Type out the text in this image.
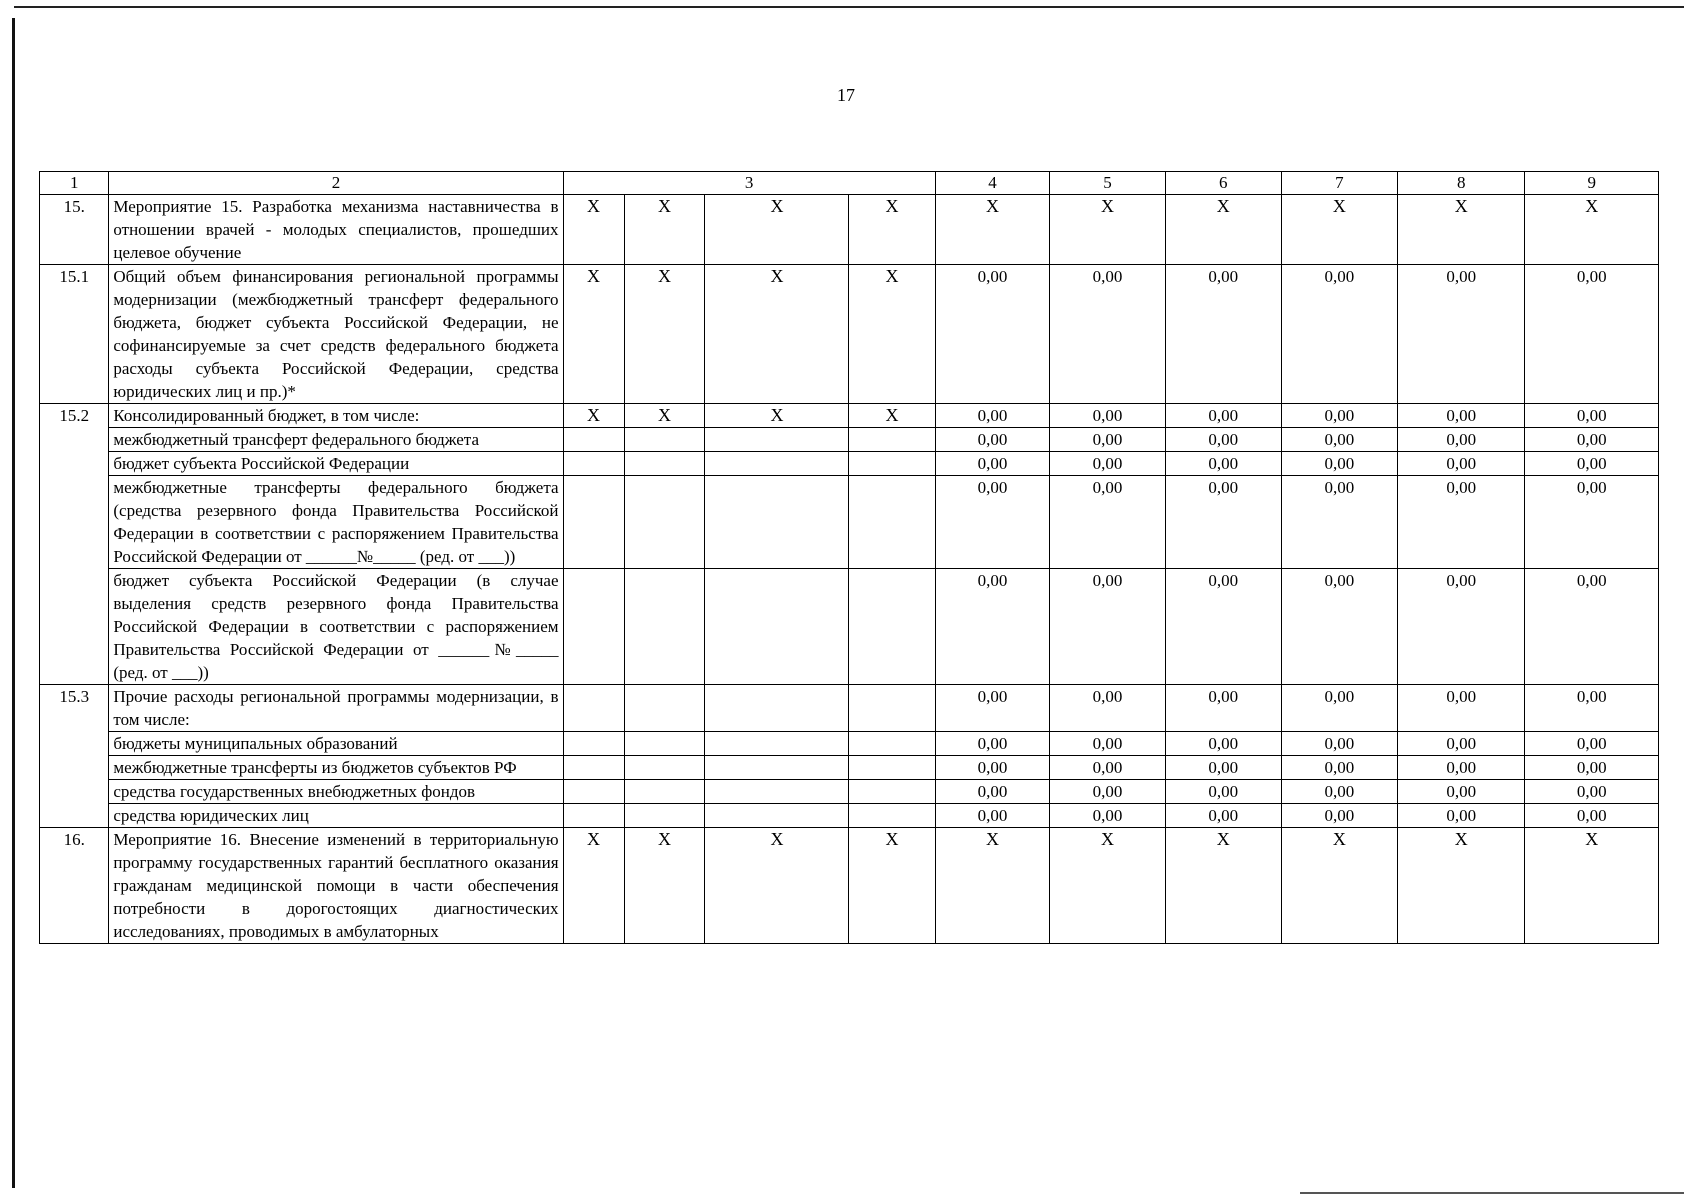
17
1	2	3				4	5	6	7	8	9
15.	Мероприятие 15. Разработка механизма наставничества в отношении врачей - молодых специалистов, прошедших целевое обучение	X	X	X	X	X	X	X	X	X	X
15.1	Общий объем финансирования региональной программы модернизации (межбюджетный трансферт федерального бюджета, бюджет субъекта Российской Федерации, не софинансируемые за счет средств федерального бюджета расходы субъекта Российской Федерации, средства юридических лиц и пр.)*	X	X	X	X	0,00	0,00	0,00	0,00	0,00	0,00
15.2	Консолидированный бюджет, в том числе:	X	X	X	X	0,00	0,00	0,00	0,00	0,00	0,00
	межбюджетный трансферт федерального бюджета					0,00	0,00	0,00	0,00	0,00	0,00
	бюджет субъекта Российской Федерации					0,00	0,00	0,00	0,00	0,00	0,00
	межбюджетные трансферты федерального бюджета (средства резервного фонда Правительства Российской Федерации в соответствии с распоряжением Правительства Российской Федерации от ______№_____ (ред. от ___))					0,00	0,00	0,00	0,00	0,00	0,00
	бюджет субъекта Российской Федерации (в случае выделения средств резервного фонда Правительства Российской Федерации в соответствии с распоряжением Правительства Российской Федерации от ______№_____ (ред. от ___))					0,00	0,00	0,00	0,00	0,00	0,00
15.3	Прочие расходы региональной программы модернизации, в том числе:					0,00	0,00	0,00	0,00	0,00	0,00
	бюджеты муниципальных образований					0,00	0,00	0,00	0,00	0,00	0,00
	межбюджетные трансферты из бюджетов субъектов РФ					0,00	0,00	0,00	0,00	0,00	0,00
	средства государственных внебюджетных фондов					0,00	0,00	0,00	0,00	0,00	0,00
	средства юридических лиц					0,00	0,00	0,00	0,00	0,00	0,00
16.	Мероприятие 16. Внесение изменений в территориальную программу государственных гарантий бесплатного оказания гражданам медицинской помощи в части обеспечения потребности в дорогостоящих диагностических исследованиях, проводимых в амбулаторных	X	X	X	X	X	X	X	X	X	X
